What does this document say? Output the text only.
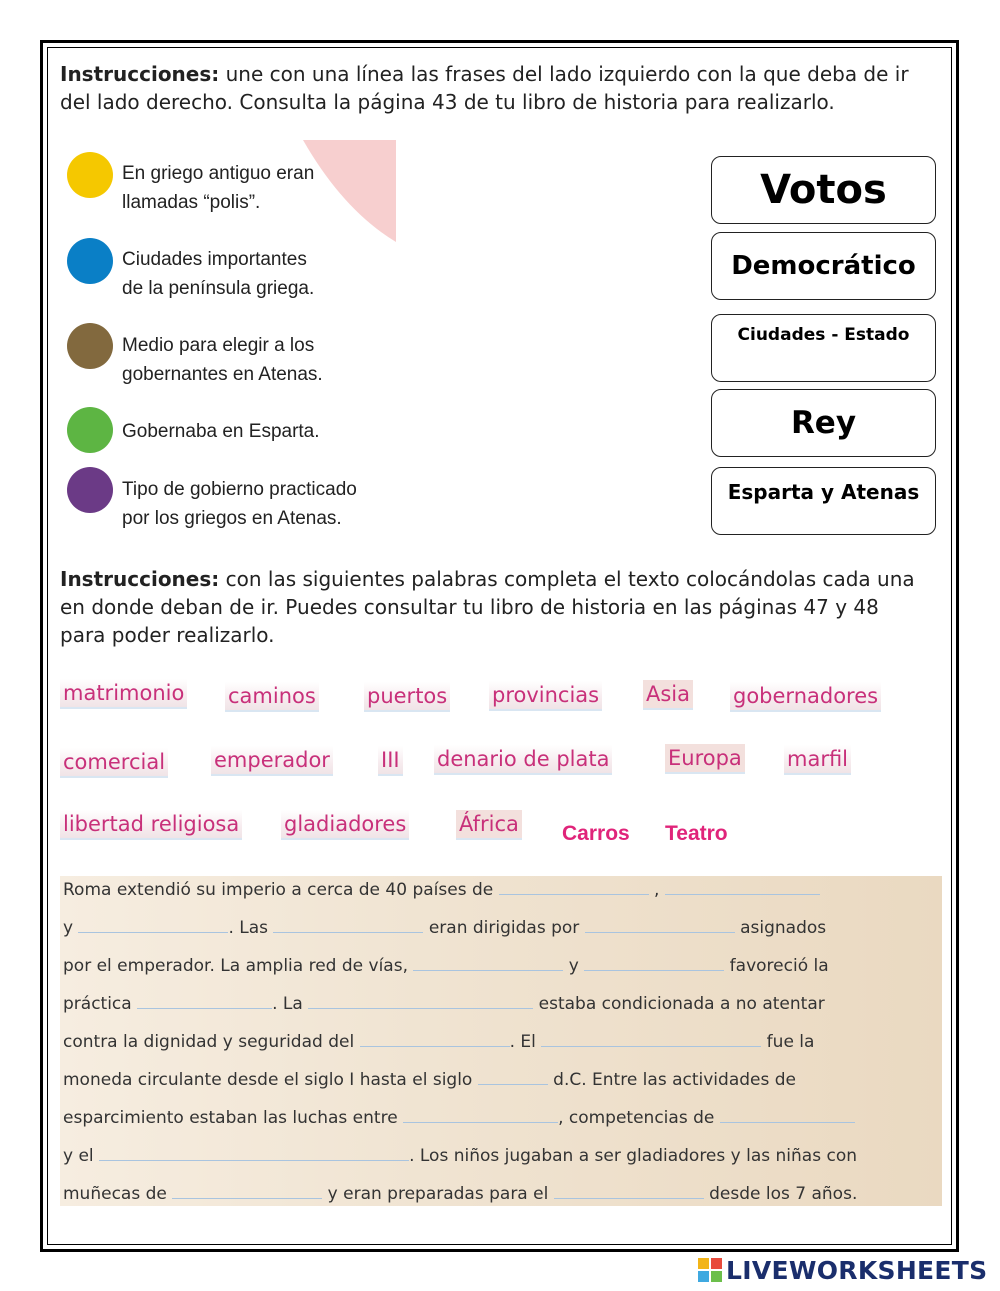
Instrucciones: une con una línea las frases del lado izquierdo con la que deba de ir del lado derecho. Consulta la página 43 de tu libro de historia para realizarlo.
En griego antiguo eran
llamadas “polis”.
Ciudades importantes
de la península griega.
Medio para elegir a los
gobernantes en Atenas.
Gobernaba en Esparta.
Tipo de gobierno practicado
por los griegos en Atenas.
Votos
Democrático
Ciudades - Estado
Rey
Esparta y Atenas
Instrucciones: con las siguientes palabras completa el texto colocándolas cada una en donde deban de ir. Puedes consultar tu libro de historia en las páginas 47 y 48 para poder realizarlo.
matrimonio caminos puertos provincias Asia gobernadores
comercial emperador III denario de plata	Europa marfil
libertad religiosa gladiadores	África Carros Teatro
Roma extendió su imperio a cerca de 40 países de	,
y	. Las	eran dirigidas por	asignados
por el emperador. La amplia red de vías,	y	favoreció la
práctica	. La	estaba condicionada a no atentar
contra la dignidad y seguridad del	. El	fue la
moneda circulante desde el siglo I hasta el siglo	d.C. Entre las actividades de
esparcimiento estaban las luchas entre	, competencias de
y el	. Los niños jugaban a ser gladiadores y las niñas con
muñecas de	y eran preparadas para el	desde los 7 años.
LIVEWORKSHEETS
